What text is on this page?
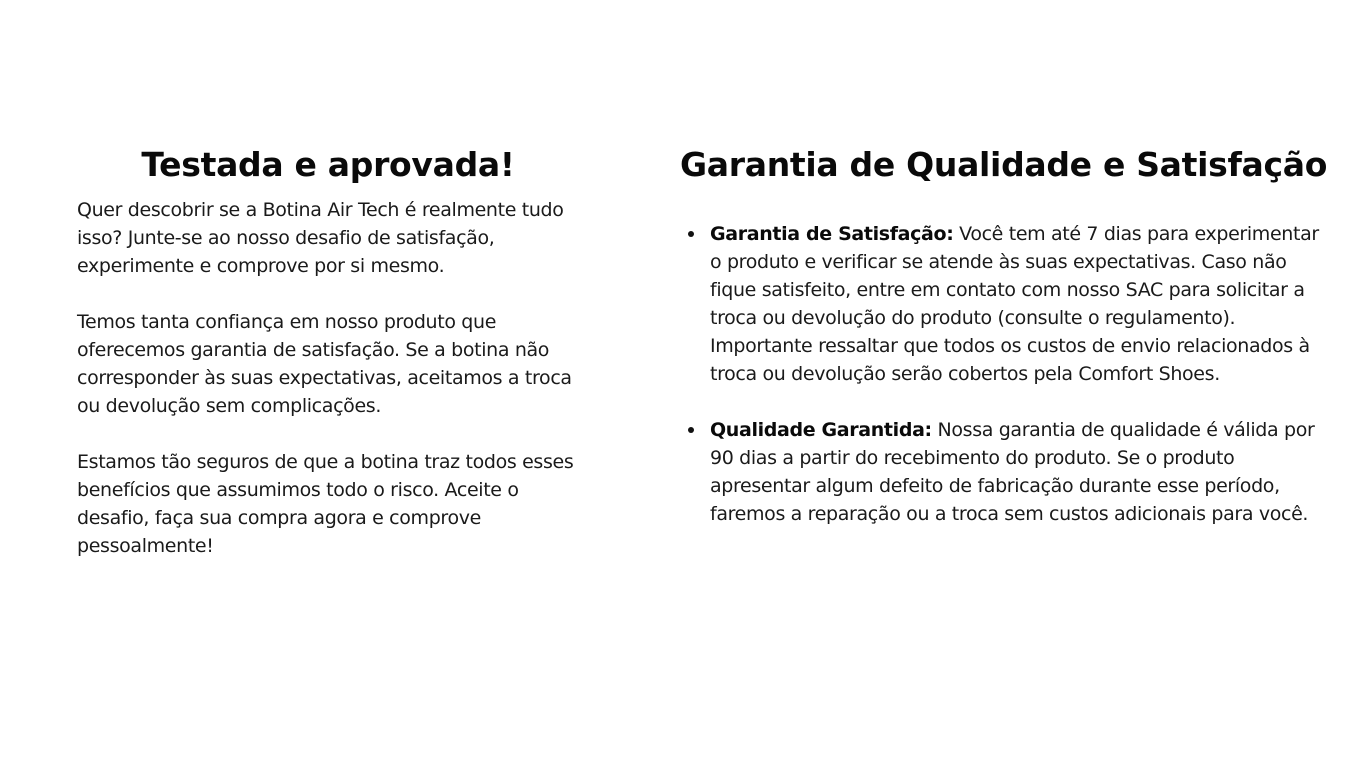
Testada e aprovada!

Quer descobrir se a Botina Air Tech é realmente tudo isso? Junte-se ao nosso desafio de satisfação, experimente e comprove por si mesmo.

Temos tanta confiança em nosso produto que oferecemos garantia de satisfação. Se a botina não corresponder às suas expectativas, aceitamos a troca ou devolução sem complicações.

Estamos tão seguros de que a botina traz todos esses benefícios que assumimos todo o risco. Aceite o desafio, faça sua compra agora e comprove pessoalmente!

Garantia de Qualidade e Satisfação
Garantia de Satisfação: Você tem até 7 dias para experimentar o produto e verificar se atende às suas expectativas. Caso não fique satisfeito, entre em contato com nosso SAC para solicitar a troca ou devolução do produto (consulte o regulamento). Importante ressaltar que todos os custos de envio relacionados à troca ou devolução serão cobertos pela Comfort Shoes.
Qualidade Garantida: Nossa garantia de qualidade é válida por 90 dias a partir do recebimento do produto. Se o produto apresentar algum defeito de fabricação durante esse período, faremos a reparação ou a troca sem custos adicionais para você.
